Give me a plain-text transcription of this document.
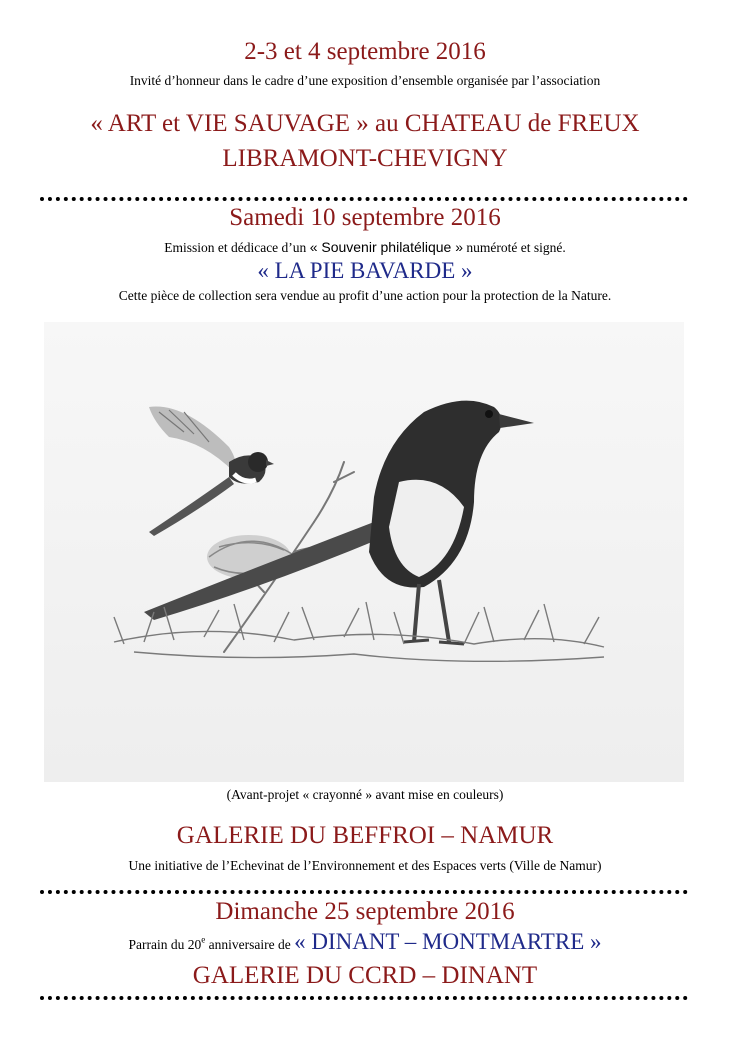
2-3 et 4 septembre 2016
Invité d’honneur dans le cadre d’une exposition d’ensemble organisée par l’association
« ART et VIE SAUVAGE » au CHATEAU de FREUX
LIBRAMONT-CHEVIGNY
Samedi 10 septembre 2016
Emission et dédicace d’un « Souvenir philatélique » numéroté et signé.
« LA PIE BAVARDE »
Cette pièce de collection sera vendue au profit d’une action pour la protection de la Nature.
(Avant-projet « crayonné » avant mise en couleurs)
GALERIE DU BEFFROI – NAMUR
Une initiative de l’Echevinat de l’Environnement et des Espaces verts (Ville de Namur)
Dimanche 25 septembre 2016
Parrain du 20e anniversaire de « DINANT – MONTMARTRE »
GALERIE DU CCRD – DINANT
